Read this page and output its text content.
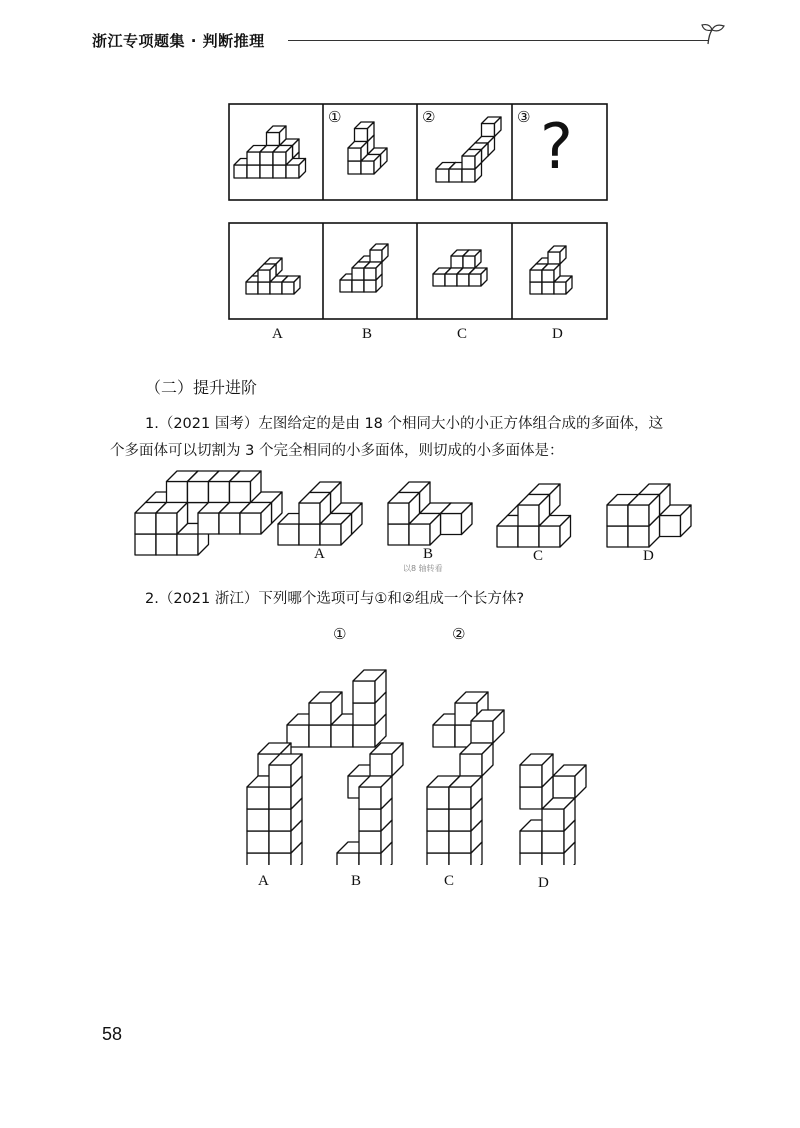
浙江专项题集 · 判断推理
①	②	③ ?
A	B	C	D
（二）提升进阶
1.（2021 国考）左图给定的是由 18 个相同大小的小正方体组合成的多面体，这
个多面体可以切割为 3 个完全相同的小多面体，则切成的小多面体是：
A	B	C	D
以8 轴转看
2.（2021 浙江）下列哪个选项可与①和②组成一个长方体?
①	②
A	B	C	D
58
